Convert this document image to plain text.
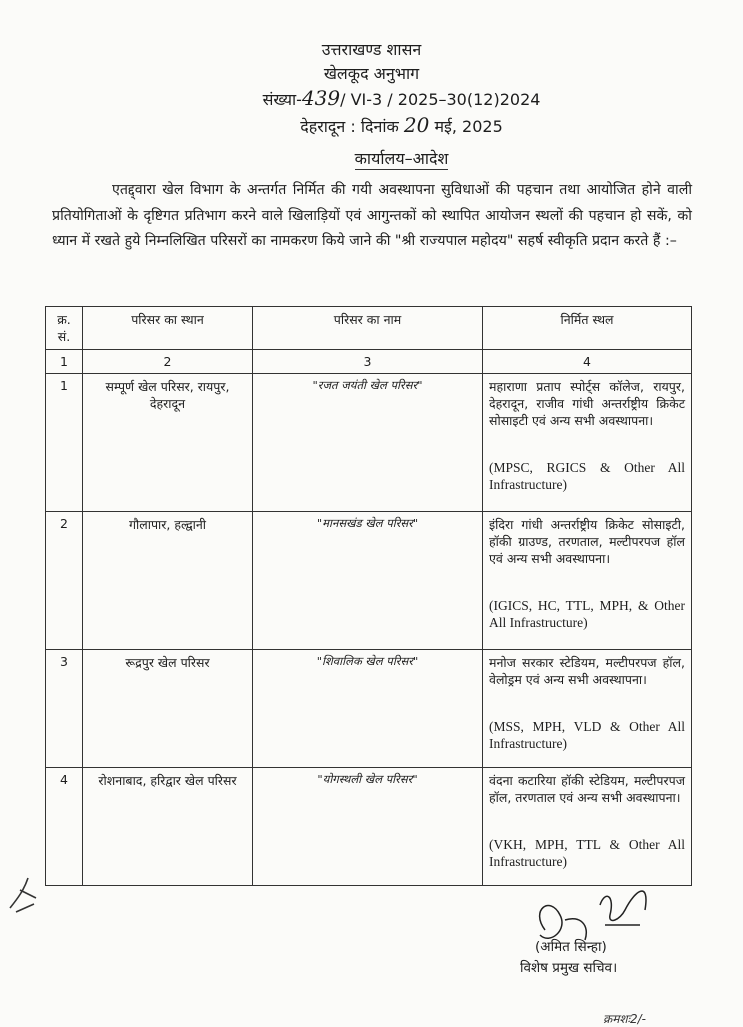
उत्तराखण्ड शासन
खेलकूद अनुभाग
संख्या-439/ VI-3 / 2025–30(12)2024
देहरादून : दिनांक 20 मई, 2025
कार्यालय–आदेश

एतद्द्वारा खेल विभाग के अन्तर्गत निर्मित की गयी अवस्थापना सुविधाओं की पहचान तथा आयोजित होने वाली प्रतियोगिताओं के दृष्टिगत प्रतिभाग करने वाले खिलाड़ियों एवं आगुन्तकों को स्थापित आयोजन स्थलों की पहचान हो सकें, को ध्यान में रखते हुये निम्नलिखित परिसरों का नामकरण किये जाने की "श्री राज्यपाल महोदय" सहर्ष स्वीकृति प्रदान करते हैं :–

क्र. सं.	परिसर का स्थान	परिसर का नाम	निर्मित स्थल
1	2	3	4
1	सम्पूर्ण खेल परिसर, रायपुर, देहरादून	"रजत जयंती खेल परिसर"	महाराणा प्रताप स्पोर्ट्स कॉलेज, रायपुर, देहरादून, राजीव गांधी अन्तर्राष्ट्रीय क्रिकेट सोसाइटी एवं अन्य सभी अवस्थापना।
(MPSC, RGICS & Other All Infrastructure)

2	गौलापार, हल्द्वानी	"मानसखंड खेल परिसर"	इंदिरा गांधी अन्तर्राष्ट्रीय क्रिकेट सोसाइटी, हॉकी ग्राउण्ड, तरणताल, मल्टीपरपज हॉल एवं अन्य सभी अवस्थापना।
(IGICS, HC, TTL, MPH, & Other All Infrastructure)

3	रूद्रपुर खेल परिसर	"शिवालिक खेल परिसर"	मनोज सरकार स्टेडियम, मल्टीपरपज हॉल, वेलोड्रम एवं अन्य सभी अवस्थापना।
(MSS, MPH, VLD & Other All Infrastructure)

4	रोशनाबाद, हरिद्वार खेल परिसर	"योगस्थली खेल परिसर"	वंदना कटारिया हॉकी स्टेडियम, मल्टीपरपज हॉल, तरणताल एवं अन्य सभी अवस्थापना।
(VKH, MPH, TTL & Other All Infrastructure)
(अमित सिन्हा)
विशेष प्रमुख सचिव।
क्रमशः2/-
